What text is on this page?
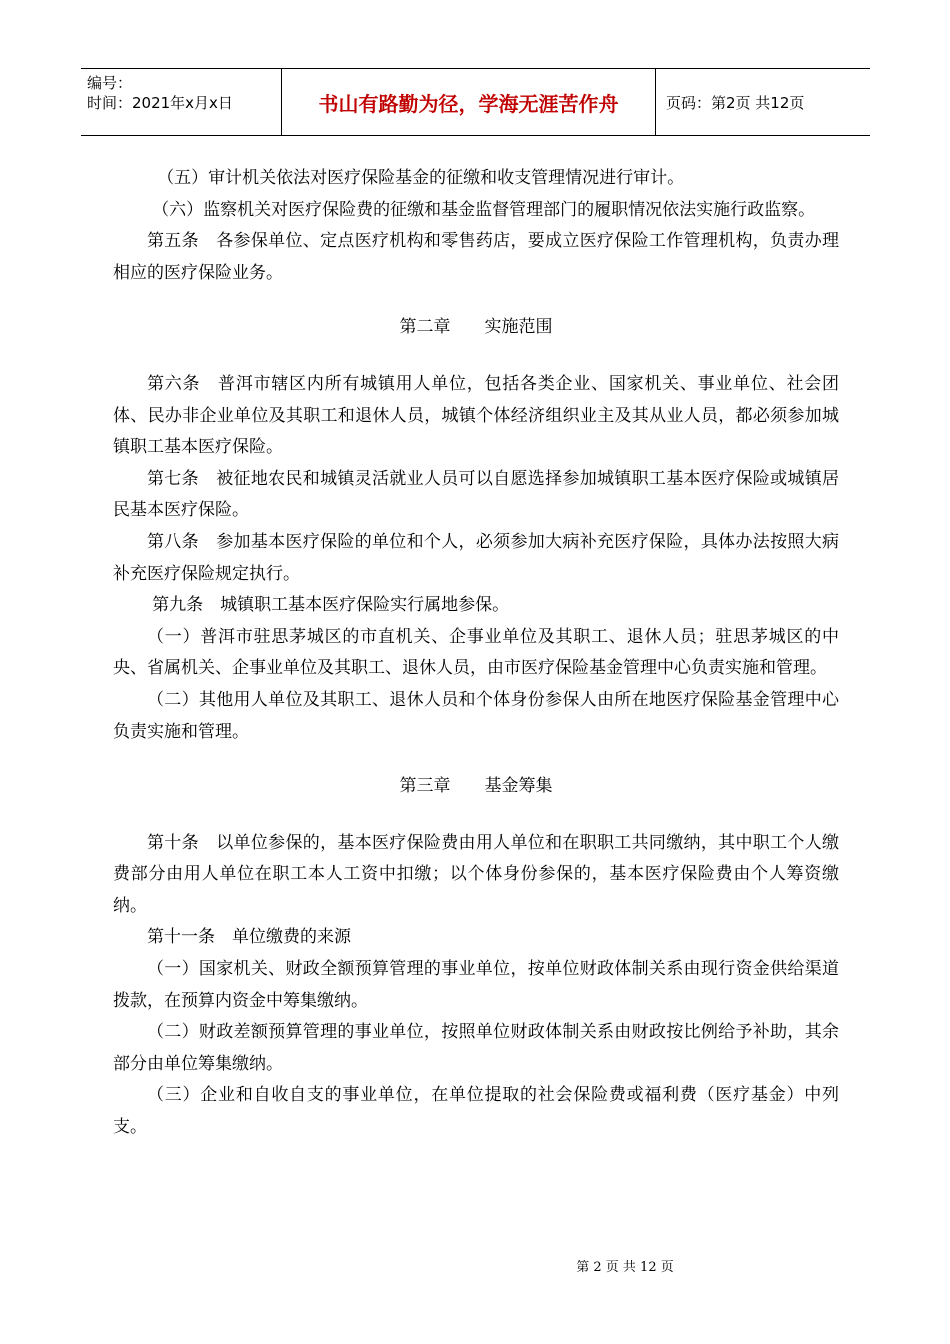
编号：
时间：2021年x月x日	书山有路勤为径，学海无涯苦作舟	页码：第2页 共12页

（五）审计机关依法对医疗保险基金的征缴和收支管理情况进行审计。

（六）监察机关对医疗保险费的征缴和基金监督管理部门的履职情况依法实施行政监察。

第五条　各参保单位、定点医疗机构和零售药店，要成立医疗保险工作管理机构，负责办理相应的医疗保险业务。

第二章　　实施范围

第六条　普洱市辖区内所有城镇用人单位，包括各类企业、国家机关、事业单位、社会团体、民办非企业单位及其职工和退休人员，城镇个体经济组织业主及其从业人员，都必须参加城镇职工基本医疗保险。

第七条　被征地农民和城镇灵活就业人员可以自愿选择参加城镇职工基本医疗保险或城镇居民基本医疗保险。

第八条　参加基本医疗保险的单位和个人，必须参加大病补充医疗保险，具体办法按照大病补充医疗保险规定执行。

第九条　城镇职工基本医疗保险实行属地参保。

（一）普洱市驻思茅城区的市直机关、企事业单位及其职工、退休人员；驻思茅城区的中央、省属机关、企事业单位及其职工、退休人员，由市医疗保险基金管理中心负责实施和管理。

（二）其他用人单位及其职工、退休人员和个体身份参保人由所在地医疗保险基金管理中心负责实施和管理。

第三章　　基金筹集

第十条　以单位参保的，基本医疗保险费由用人单位和在职职工共同缴纳，其中职工个人缴费部分由用人单位在职工本人工资中扣缴；以个体身份参保的，基本医疗保险费由个人筹资缴纳。

第十一条　单位缴费的来源

（一）国家机关、财政全额预算管理的事业单位，按单位财政体制关系由现行资金供给渠道拨款，在预算内资金中筹集缴纳。

（二）财政差额预算管理的事业单位，按照单位财政体制关系由财政按比例给予补助，其余部分由单位筹集缴纳。

（三）企业和自收自支的事业单位，在单位提取的社会保险费或福利费（医疗基金）中列支。

第 2 页 共 12 页
